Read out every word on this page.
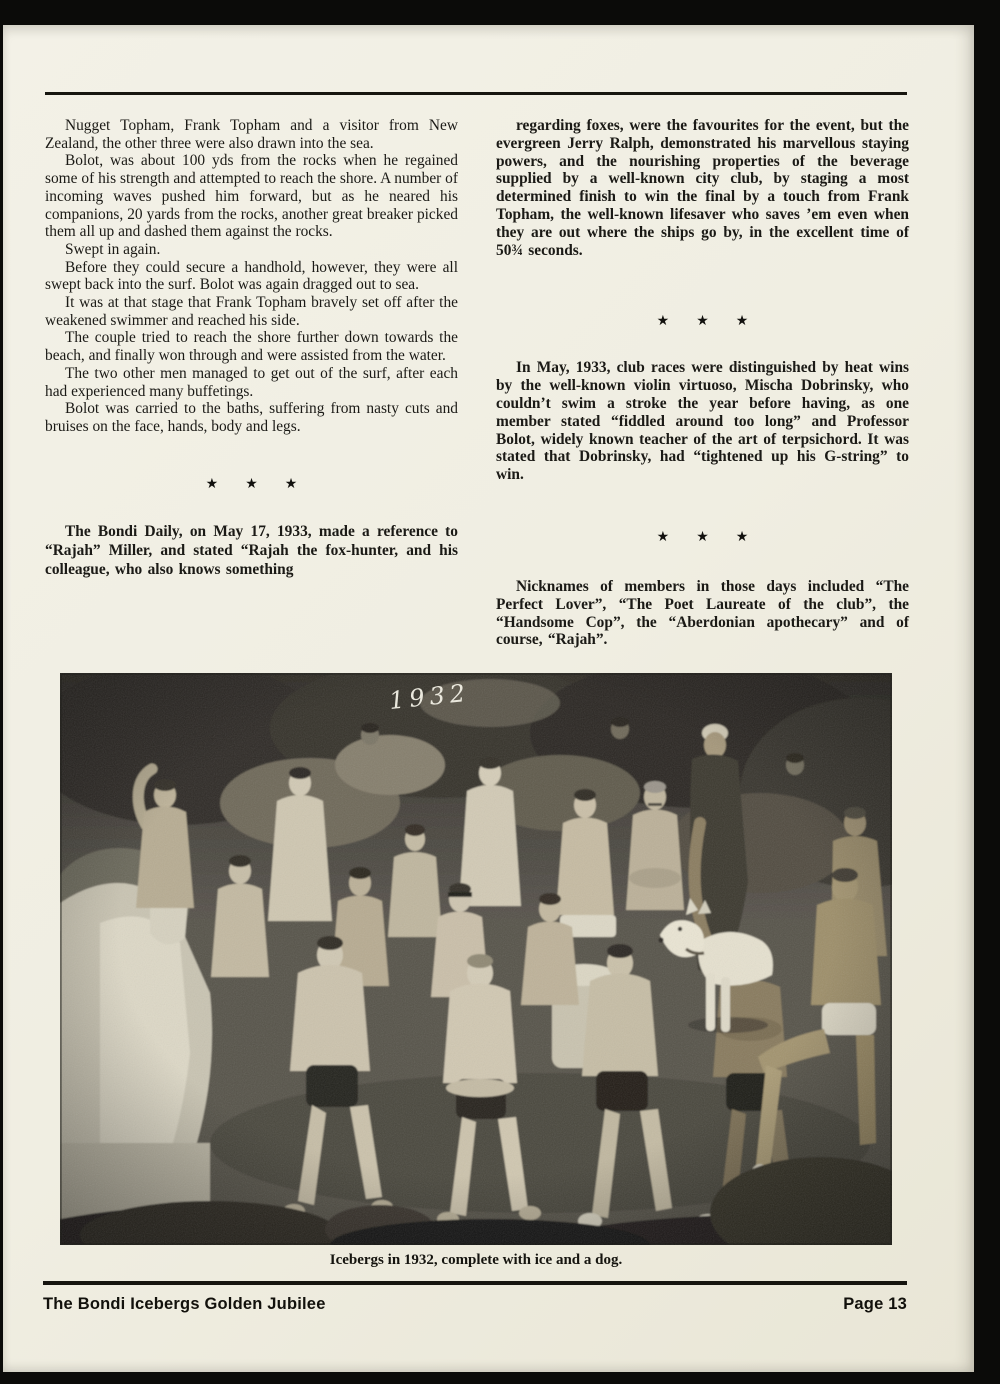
Nugget Topham, Frank Topham and a visitor from New Zealand, the other three were also drawn into the sea.

Bolot, was about 100 yds from the rocks when he regained some of his strength and attempted to reach the shore. A number of incoming waves pushed him forward, but as he neared his companions, 20 yards from the rocks, another great breaker picked them all up and dashed them against the rocks.

Swept in again.

Before they could secure a handhold, however, they were all swept back into the surf. Bolot was again dragged out to sea.

It was at that stage that Frank Topham bravely set off after the weakened swimmer and reached his side.

The couple tried to reach the shore further down towards the beach, and finally won through and were assisted from the water.

The two other men managed to get out of the surf, after each had experienced many buffetings.

Bolot was carried to the baths, suffering from nasty cuts and bruises on the face, hands, body and legs.

★ ★ ★

The Bondi Daily, on May 17, 1933, made a reference to “Rajah” Miller, and stated “Rajah the fox-hunter, and his colleague, who also knows something

regarding foxes, were the favourites for the event, but the evergreen Jerry Ralph, demonstrated his marvellous staying powers, and the nourishing properties of the beverage supplied by a well-known city club, by staging a most determined finish to win the final by a touch from Frank Topham, the well-known lifesaver who saves ’em even when they are out where the ships go by, in the excellent time of 50¾ seconds.

★ ★ ★

In May, 1933, club races were distinguished by heat wins by the well-known violin virtuoso, Mischa Dobrinsky, who couldn’t swim a stroke the year before having, as one member stated “fiddled around too long” and Professor Bolot, widely known teacher of the art of terpsichord. It was stated that Dobrinsky, had “tightened up his G-string” to win.

★ ★ ★

Nicknames of members in those days included “The Perfect Lover”, “The Poet Laureate of the club”, the “Handsome Cop”, the “Aberdonian apothecary” and of course, “Rajah”.

1932
Icebergs in 1932, complete with ice and a dog.
The Bondi Icebergs Golden Jubilee	Page 13
